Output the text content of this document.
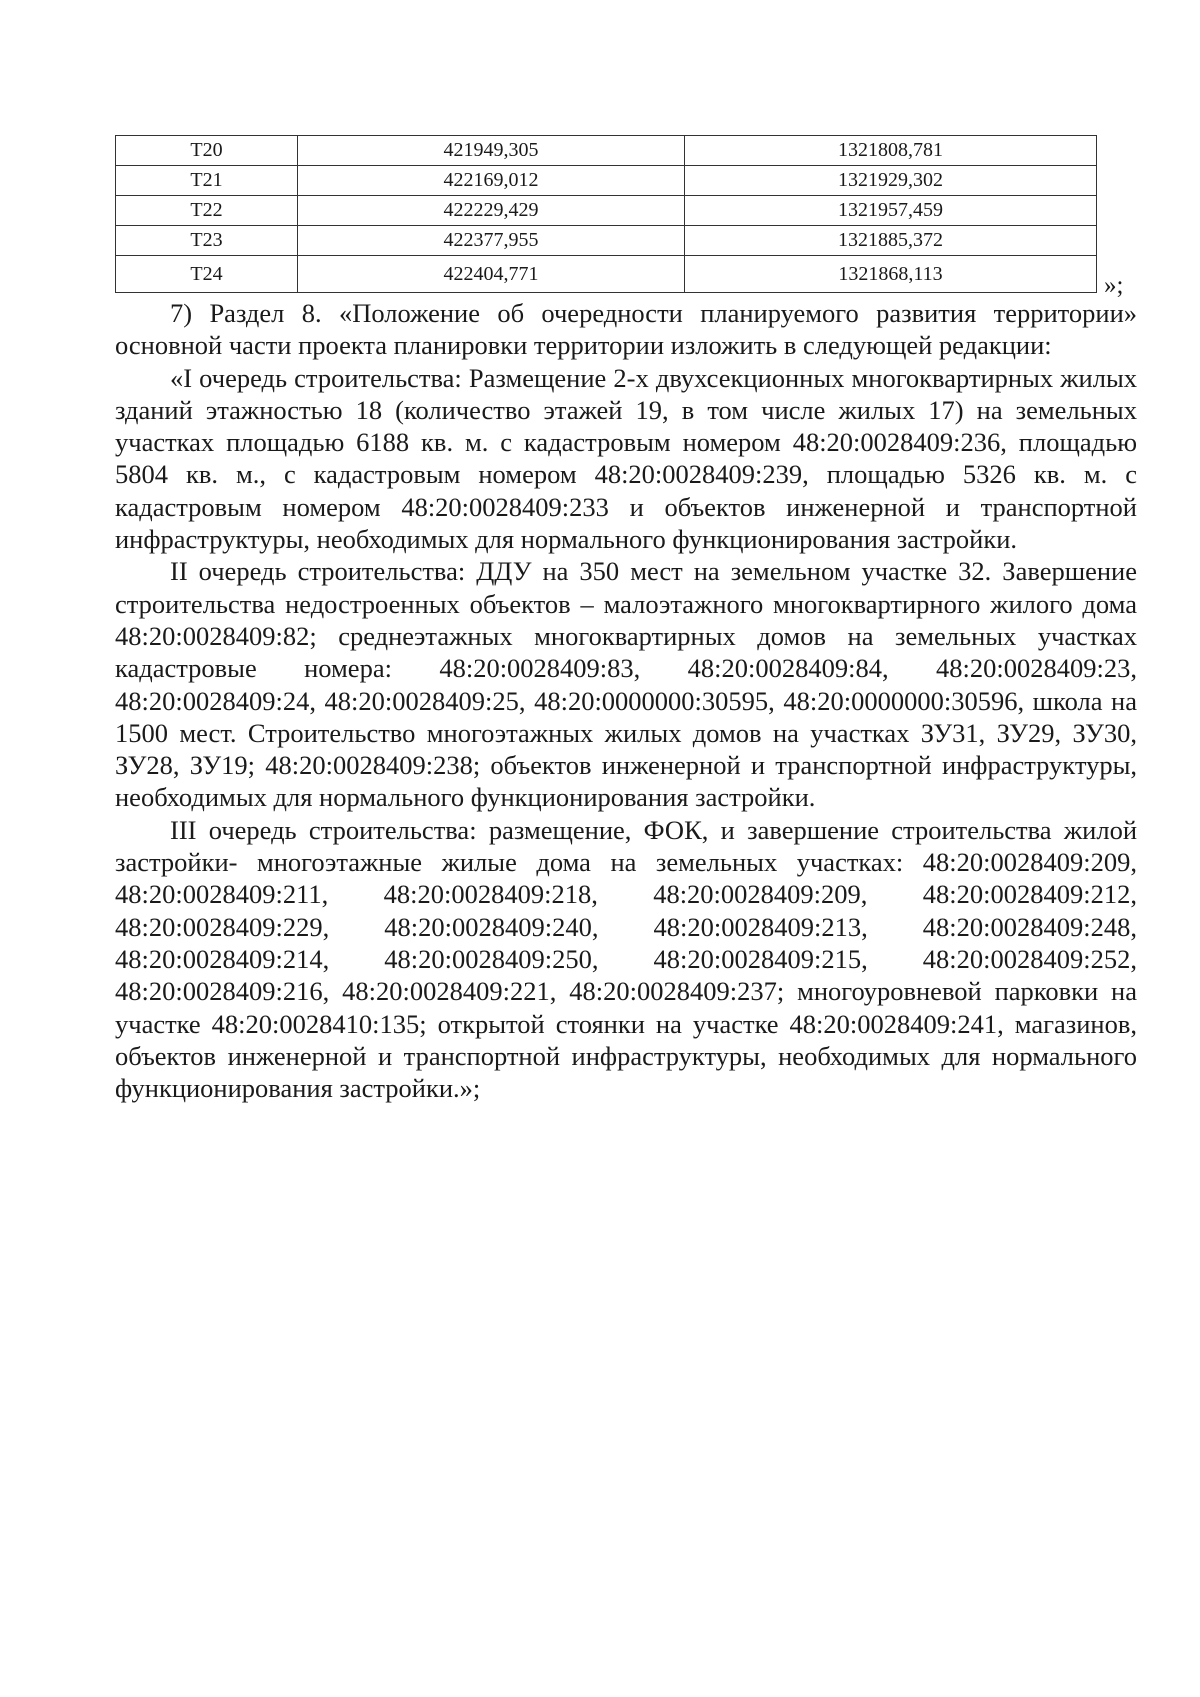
Т20	421949,305	1321808,781
Т21	422169,012	1321929,302
Т22	422229,429	1321957,459
Т23	422377,955	1321885,372
Т24	422404,771	1321868,113	»;

7) Раздел 8. «Положение об очередности планируемого развития территории» основной части проекта планировки территории изложить в следующей редакции:

«I очередь строительства: Размещение 2-х двухсекционных многоквартирных жилых зданий этажностью 18 (количество этажей 19, в том числе жилых 17) на земельных участках площадью 6188 кв. м. с кадастровым номером 48:20:0028409:236, площадью 5804 кв. м., с кадастровым номером 48:20:0028409:239, площадью 5326 кв. м. с кадастровым номером 48:20:0028409:233 и объектов инженерной и транспортной инфраструктуры, необходимых для нормального функционирования застройки.

II очередь строительства: ДДУ на 350 мест на земельном участке 32. Завершение строительства недостроенных объектов – малоэтажного многоквартирного жилого дома 48:20:0028409:82; среднеэтажных многоквартирных домов на земельных участках кадастровые номера: 48:20:0028409:83, 48:20:0028409:84, 48:20:0028409:23, 48:20:0028409:24, 48:20:0028409:25, 48:20:0000000:30595, 48:20:0000000:30596, школа на 1500 мест. Строительство многоэтажных жилых домов на участках ЗУ31, ЗУ29, ЗУ30, ЗУ28, ЗУ19; 48:20:0028409:238; объектов инженерной и транспортной инфраструктуры, необходимых для нормального функционирования застройки.

III очередь строительства: размещение, ФОК, и завершение строительства жилой застройки- многоэтажные жилые дома на земельных участках: 48:20:0028409:209, 48:20:0028409:211, 48:20:0028409:218, 48:20:0028409:209, 48:20:0028409:212, 48:20:0028409:229, 48:20:0028409:240, 48:20:0028409:213, 48:20:0028409:248, 48:20:0028409:214, 48:20:0028409:250, 48:20:0028409:215, 48:20:0028409:252, 48:20:0028409:216, 48:20:0028409:221, 48:20:0028409:237; многоуровневой парковки на участке 48:20:0028410:135; открытой стоянки на участке 48:20:0028409:241, магазинов, объектов инженерной и транспортной инфраструктуры, необходимых для нормального функционирования застройки.»;
